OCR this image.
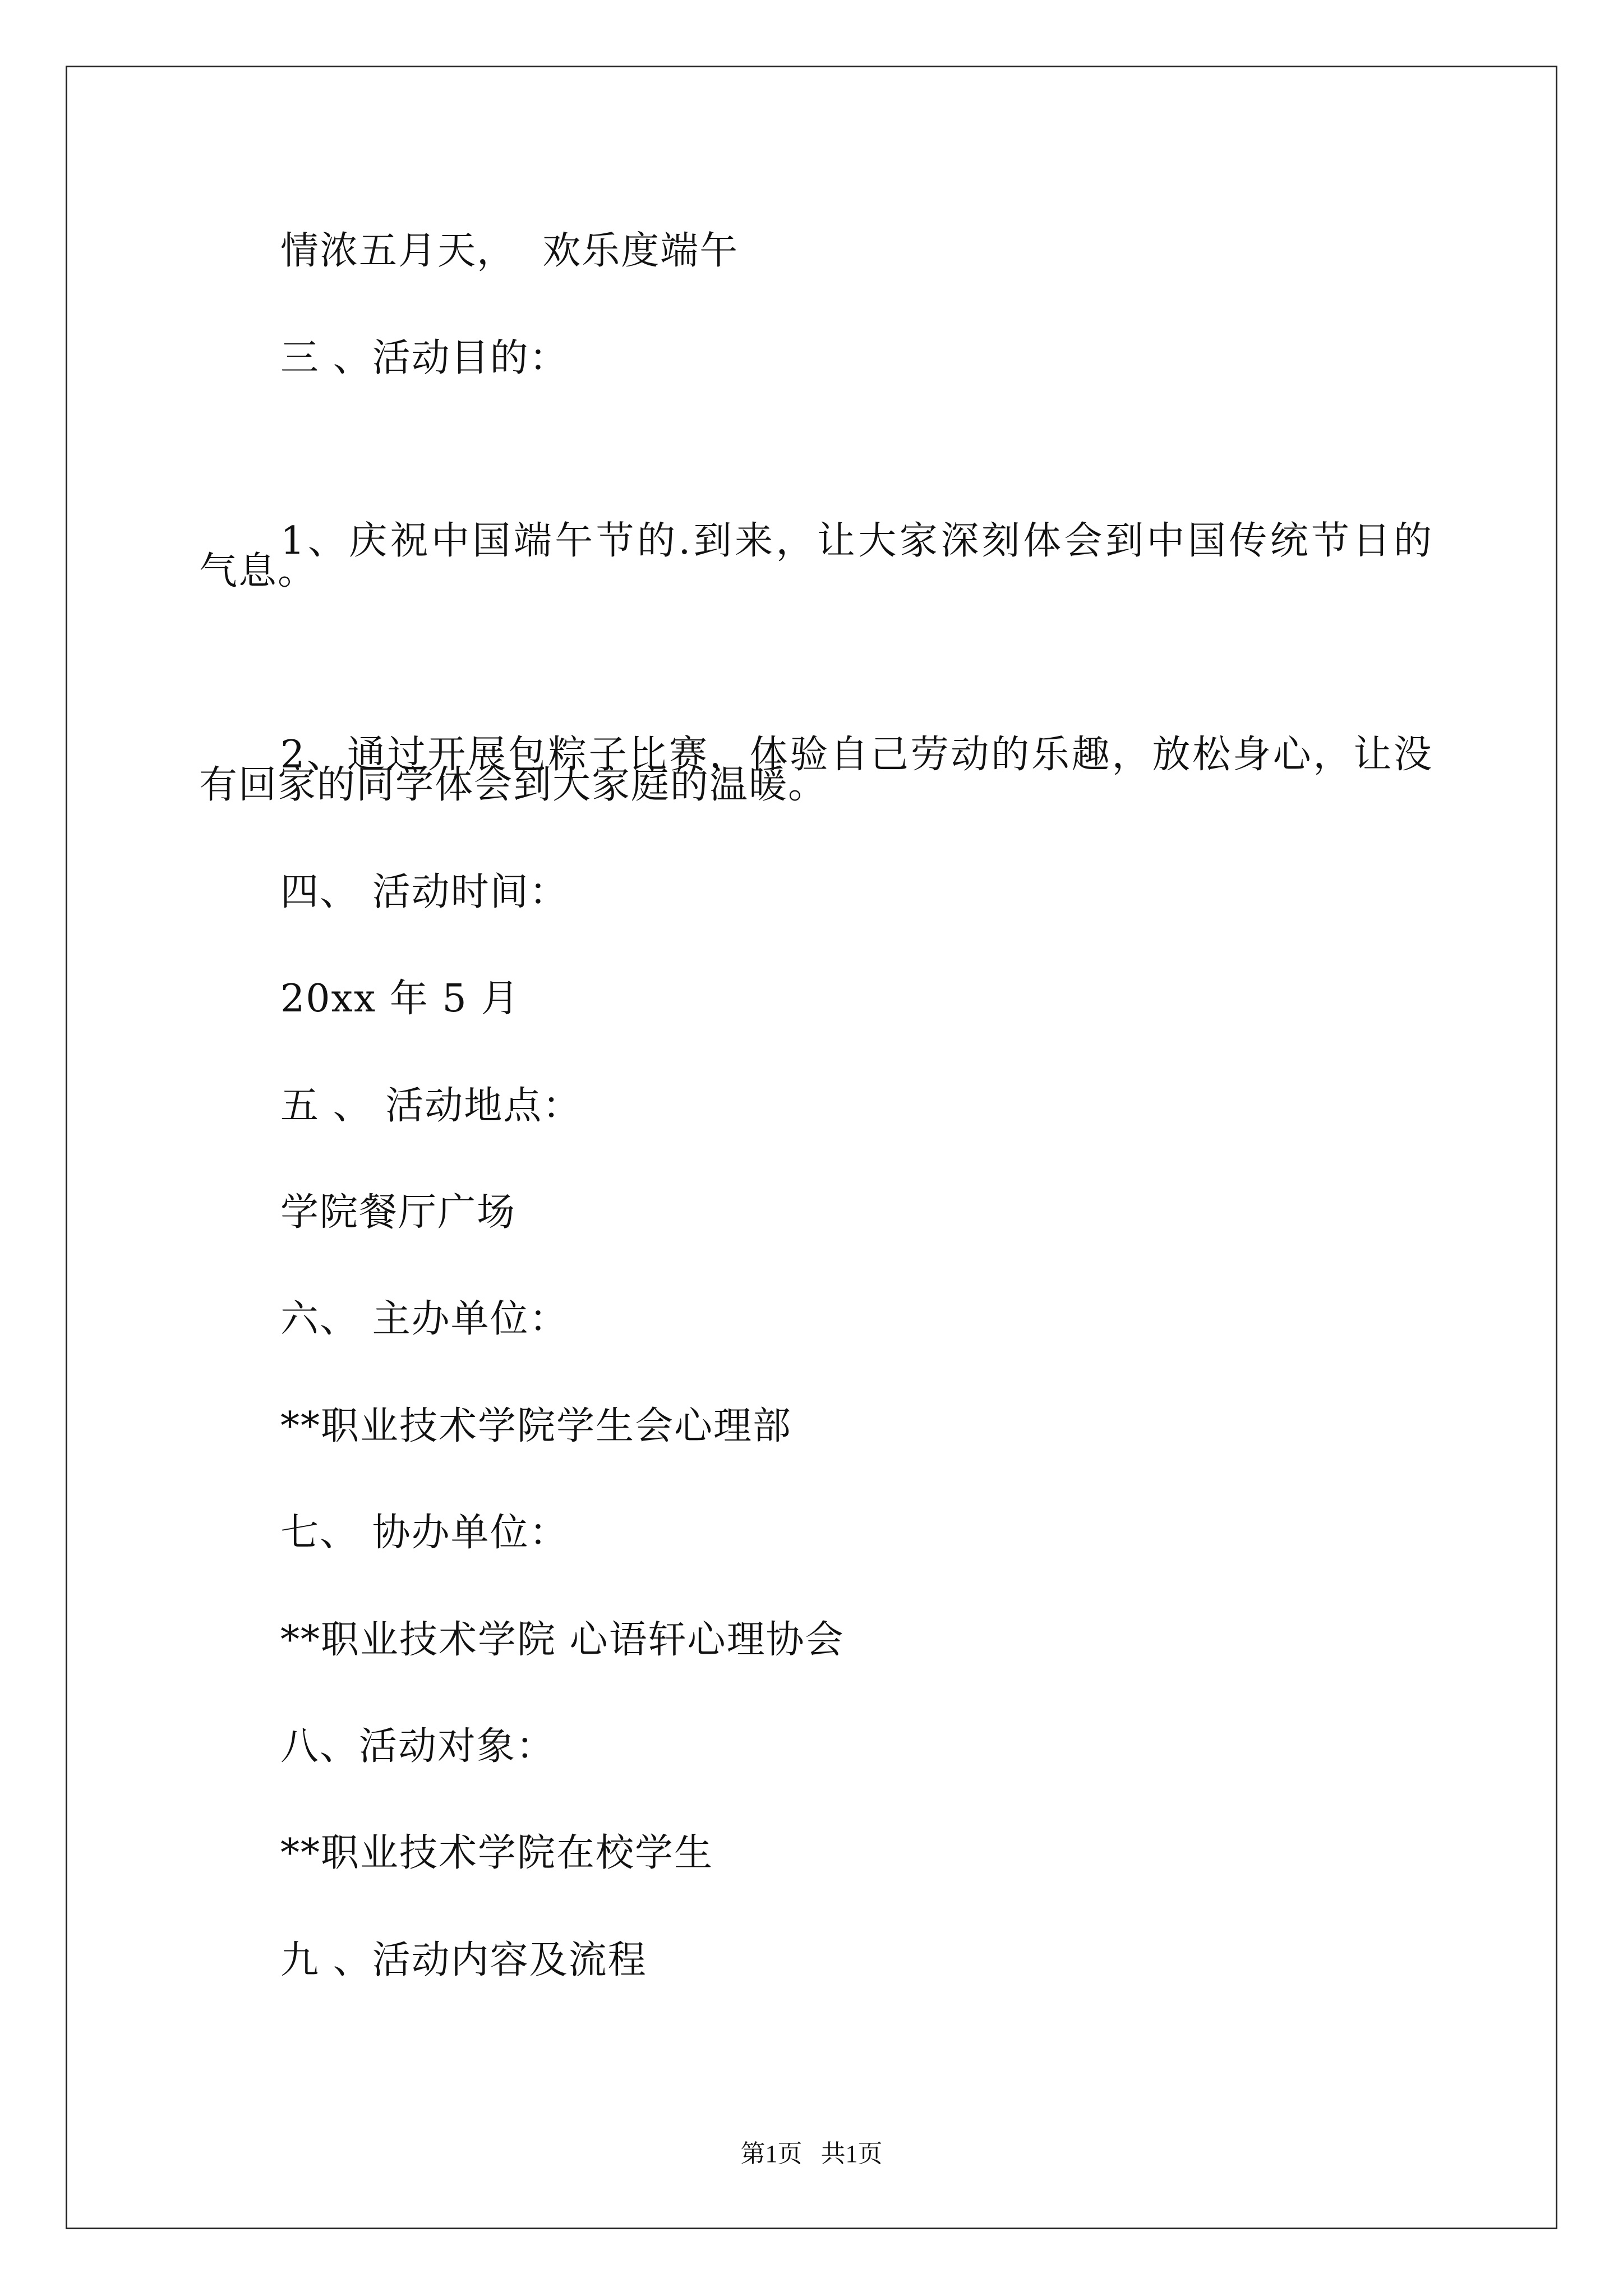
情浓五月天，  欢乐度端午
三 、活动目的：

1、庆祝中国端午节的.到来，让大家深刻体会到中国传统节日的

气息。

2、通过开展包粽子比赛，体验自己劳动的乐趣，放松身心，让没

有回家的同学体会到大家庭的温暖。
四、 活动时间：
20xx 年 5 月
五 、 活动地点：
学院餐厅广场
六、 主办单位：
**职业技术学院学生会心理部
七、 协办单位：
**职业技术学院 心语轩心理协会
八、活动对象：
**职业技术学院在校学生
九 、活动内容及流程
第1页 共1页
